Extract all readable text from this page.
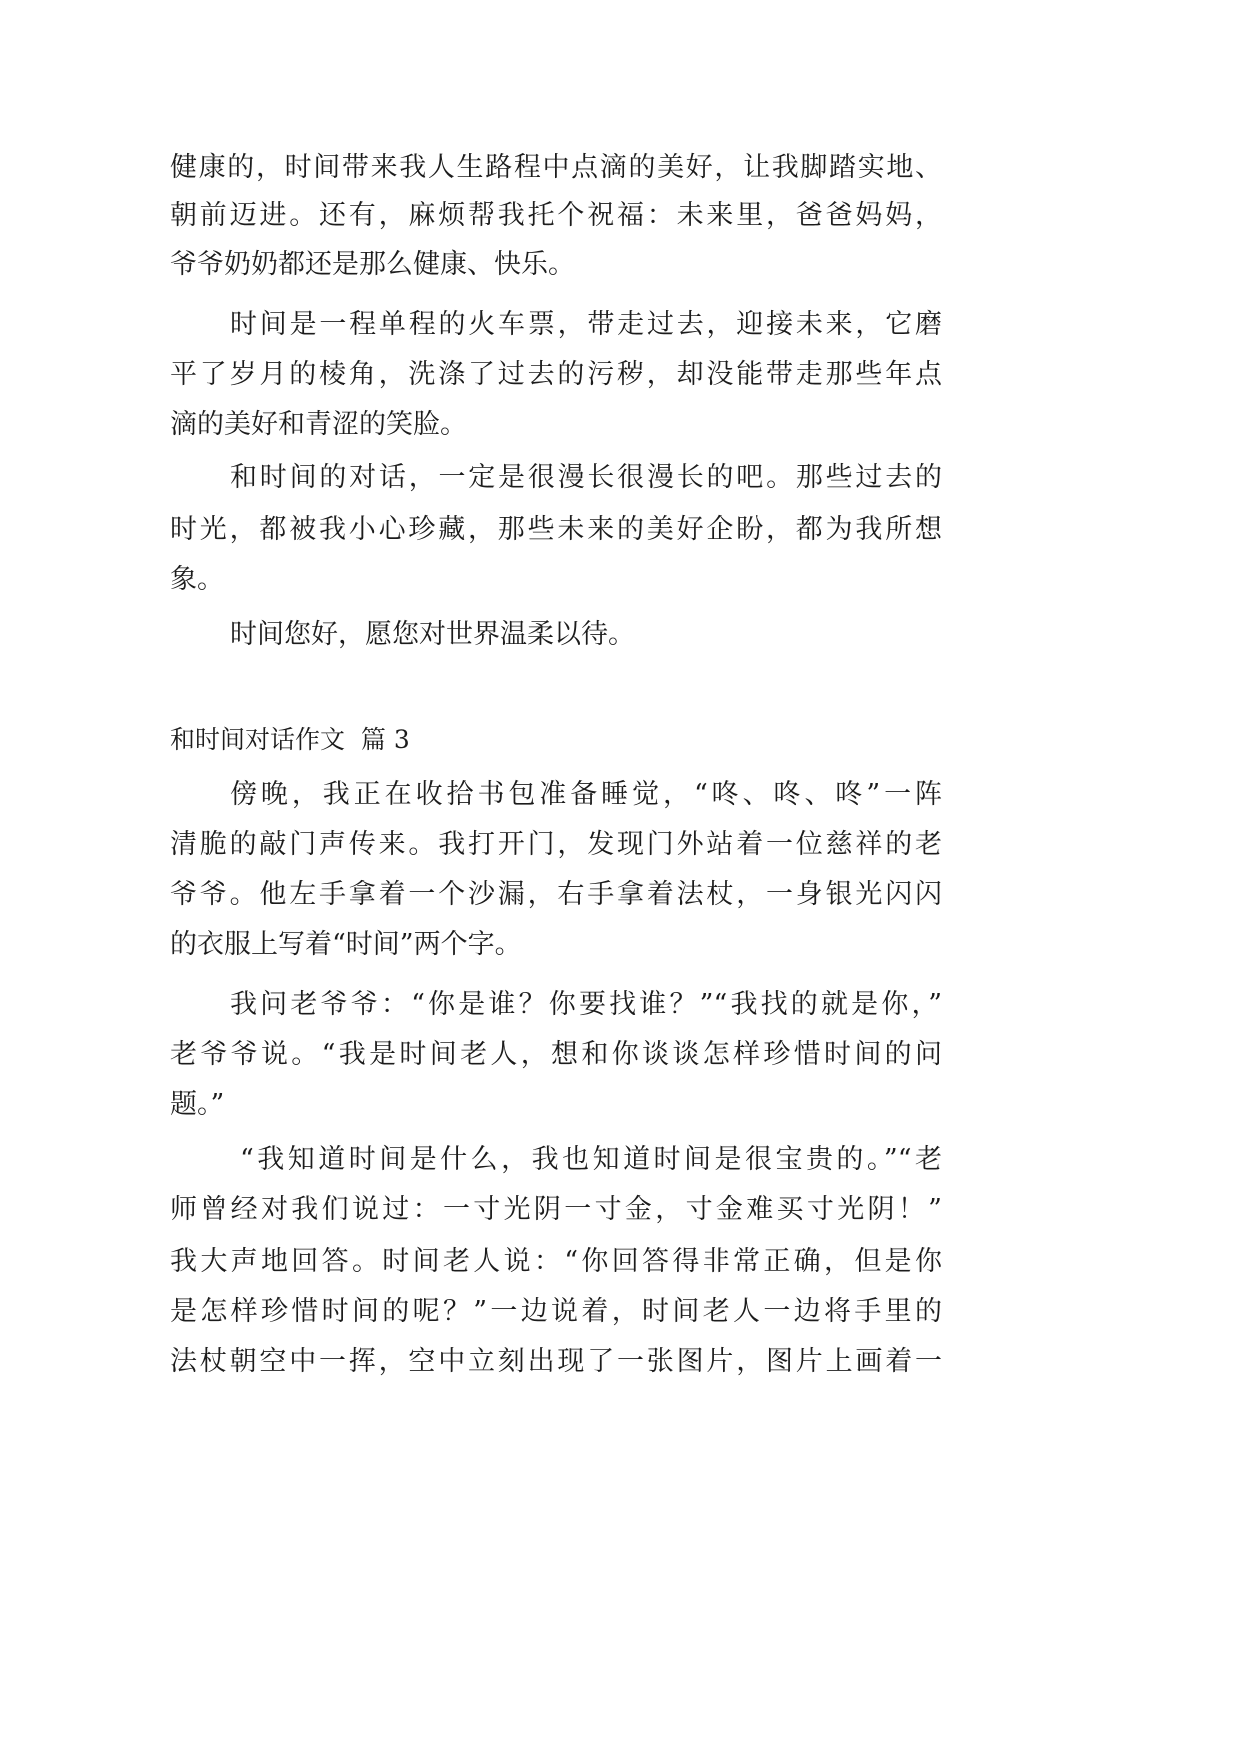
健康的，时间带来我人生路程中点滴的美好，让我脚踏实地、
朝前迈进。还有，麻烦帮我托个祝福：未来里，爸爸妈妈，
爷爷奶奶都还是那么健康、快乐。
时间是一程单程的火车票，带走过去，迎接未来，它磨
平了岁月的棱角，洗涤了过去的污秽，却没能带走那些年点
滴的美好和青涩的笑脸。
和时间的对话，一定是很漫长很漫长的吧。那些过去的
时光，都被我小心珍藏，那些未来的美好企盼，都为我所想
象。
时间您好，愿您对世界温柔以待。
和时间对话作文  篇 3
傍晚，我正在收拾书包准备睡觉，“咚、咚、咚”一阵
清脆的敲门声传来。我打开门，发现门外站着一位慈祥的老
爷爷。他左手拿着一个沙漏，右手拿着法杖，一身银光闪闪
的衣服上写着“时间”两个字。
我问老爷爷：“你是谁？你要找谁？”“我找的就是你，”
老爷爷说。“我是时间老人，想和你谈谈怎样珍惜时间的问
题。”
“我知道时间是什么，我也知道时间是很宝贵的。”“老
师曾经对我们说过：一寸光阴一寸金，寸金难买寸光阴！”
我大声地回答。时间老人说：“你回答得非常正确，但是你
是怎样珍惜时间的呢？”一边说着，时间老人一边将手里的
法杖朝空中一挥，空中立刻出现了一张图片，图片上画着一
